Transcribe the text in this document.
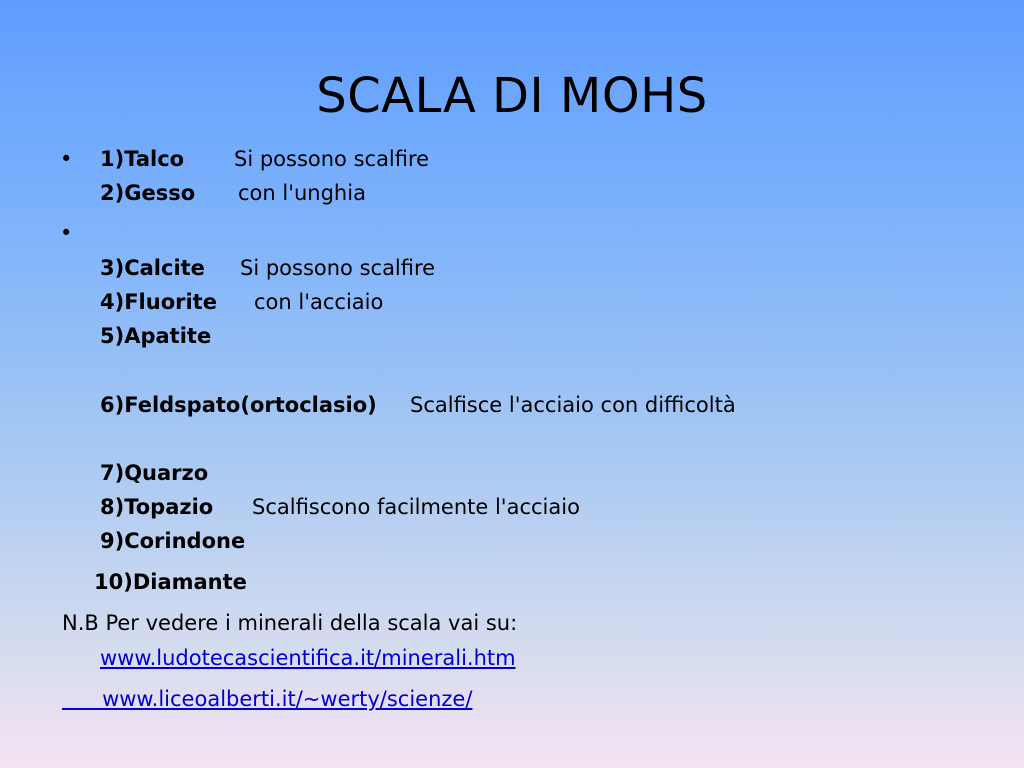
SCALA DI MOHS
•
•
1)Talco Si possono scalfire
2)Gesso con l'unghia
3)Calcite Si possono scalfire
4)Fluorite con l'acciaio
5)Apatite
6)Feldspato(ortoclasio) Scalfisce l'acciaio con difficoltà
7)Quarzo
8)Topazio Scalfiscono facilmente l'acciaio
9)Corindone
10)Diamante
N.B Per vedere i minerali della scala vai su:
www.ludotecascientifica.it/minerali.htm
www.liceoalberti.it/~werty/scienze/
